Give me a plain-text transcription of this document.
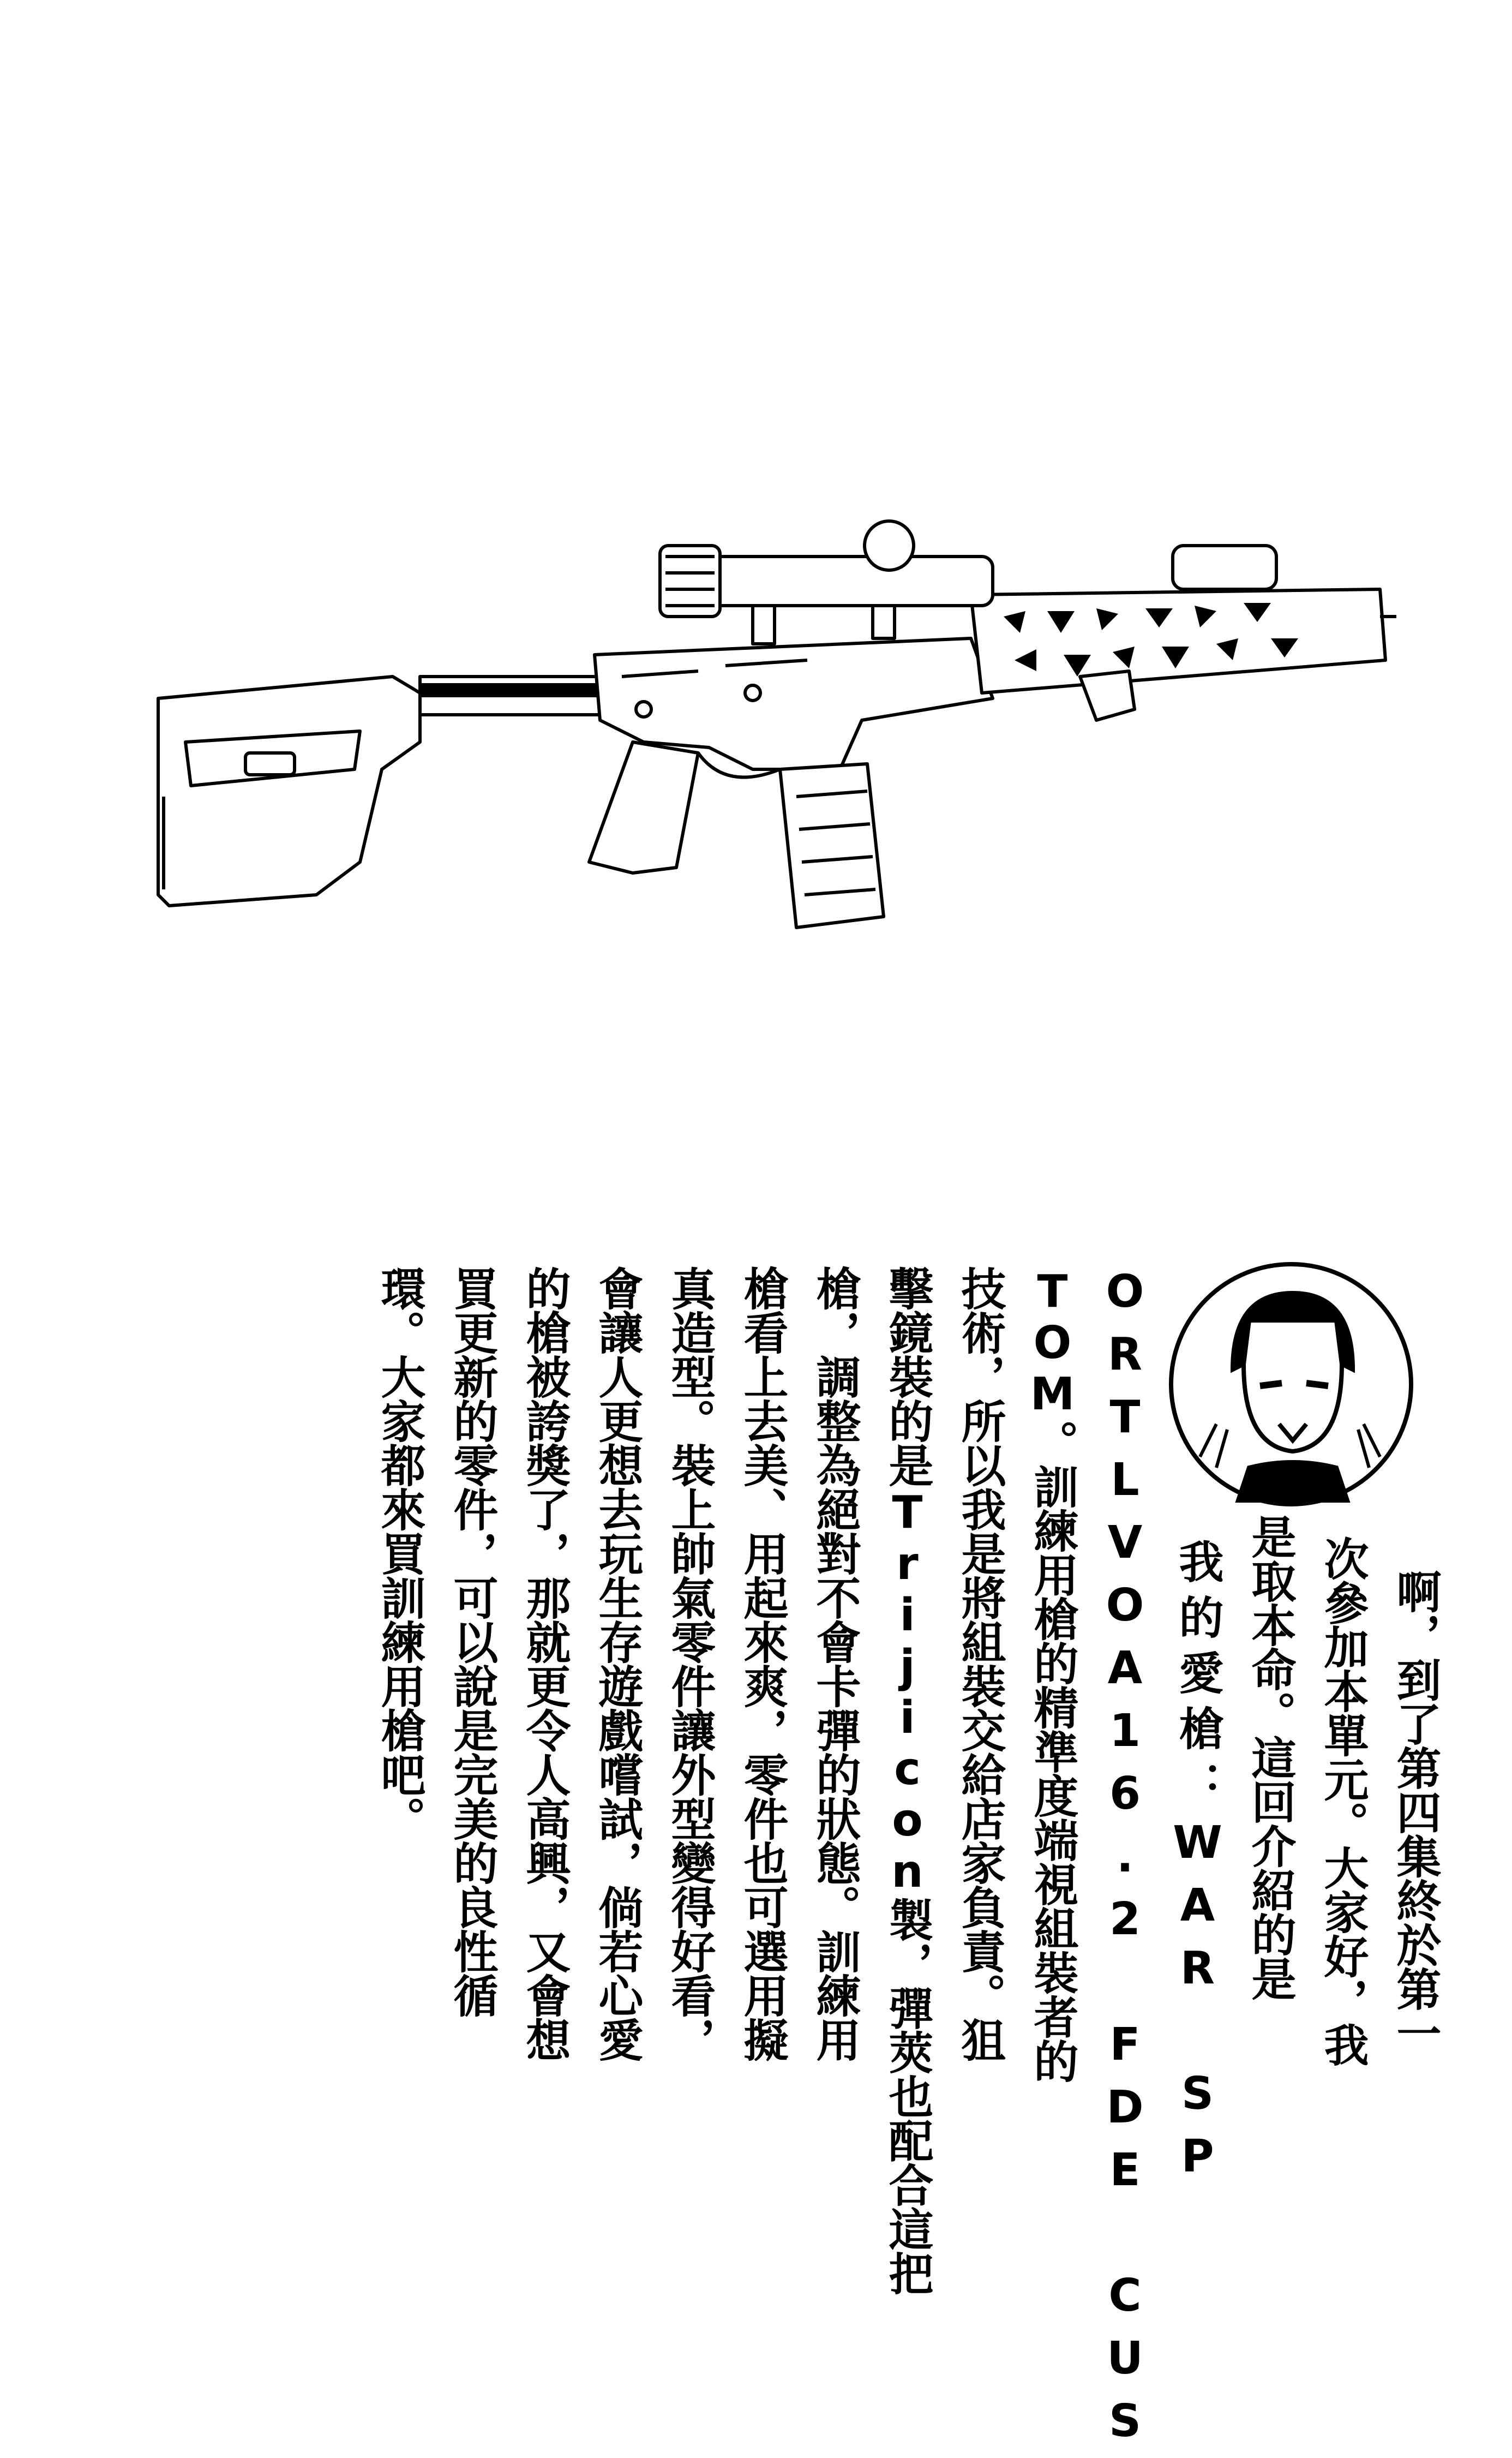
啊，到了第四集終於第一
次參加本單元。大家好，我
是取本命。這回介紹的是
我的愛槍：WAR SP
ORTLVOA16.2 FDE CUS
TOM。訓練用槍的精準度端視組裝者的
技術，所以我是將組裝交給店家負責。狙
擊鏡裝的是Trijicon製，彈莢也配合這把
槍，調整為絕對不會卡彈的狀態。訓練用
槍看上去美、用起來爽，零件也可選用擬
真造型。裝上帥氣零件讓外型變得好看，
會讓人更想去玩生存遊戲嚐試，倘若心愛
的槍被誇獎了，那就更令人高興，又會想
買更新的零件，可以說是完美的良性循
環。大家都來買訓練用槍吧。
